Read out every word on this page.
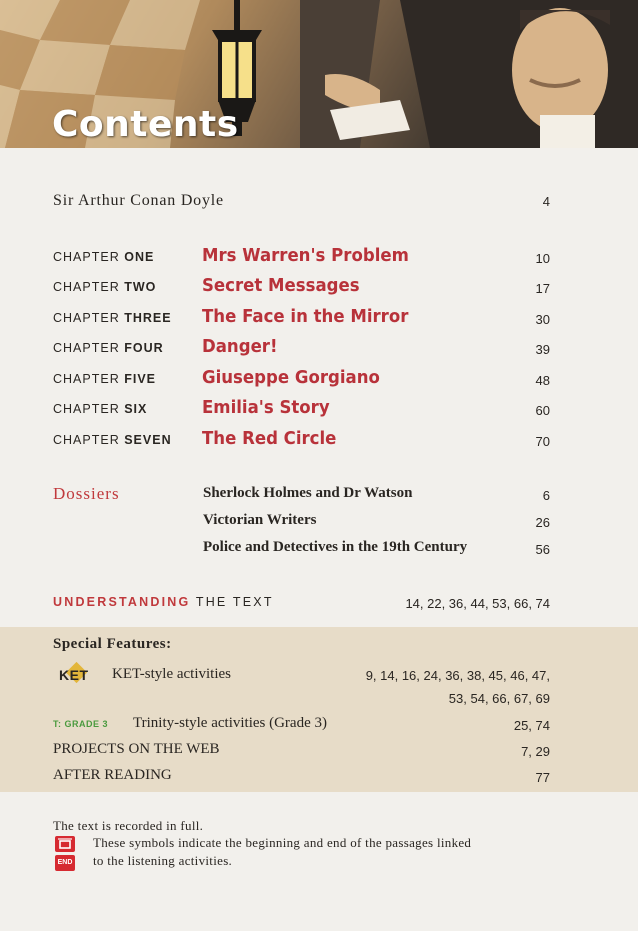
Contents
Sir Arthur Conan Doyle	4
CHAPTER ONE	Mrs Warren's Problem	10
CHAPTER TWO	Secret Messages	17
CHAPTER THREE The Face in the Mirror	30
CHAPTER FOUR Danger!	39
CHAPTER FIVE	Giuseppe Gorgiano	48
CHAPTER SIX	Emilia's Story	60
CHAPTER SEVEN The Red Circle	70
Dossiers	Sherlock Holmes and Dr Watson	6
Victorian Writers	26
Police and Detectives in the 19th Century	56
UNDERSTANDING THE TEXT	14, 22, 36, 44, 53, 66, 74
Special Features:
KET KET-style activities	9, 14, 16, 24, 36, 38, 45, 46, 47,
53, 54, 66, 67, 69
T: GRADE 3 Trinity-style activities (Grade 3)	25, 74
PROJECTS ON THE WEB	7, 29
AFTER READING	77
The text is recorded in full.
These symbols indicate the beginning and end of the passages linked
END to the listening activities.
